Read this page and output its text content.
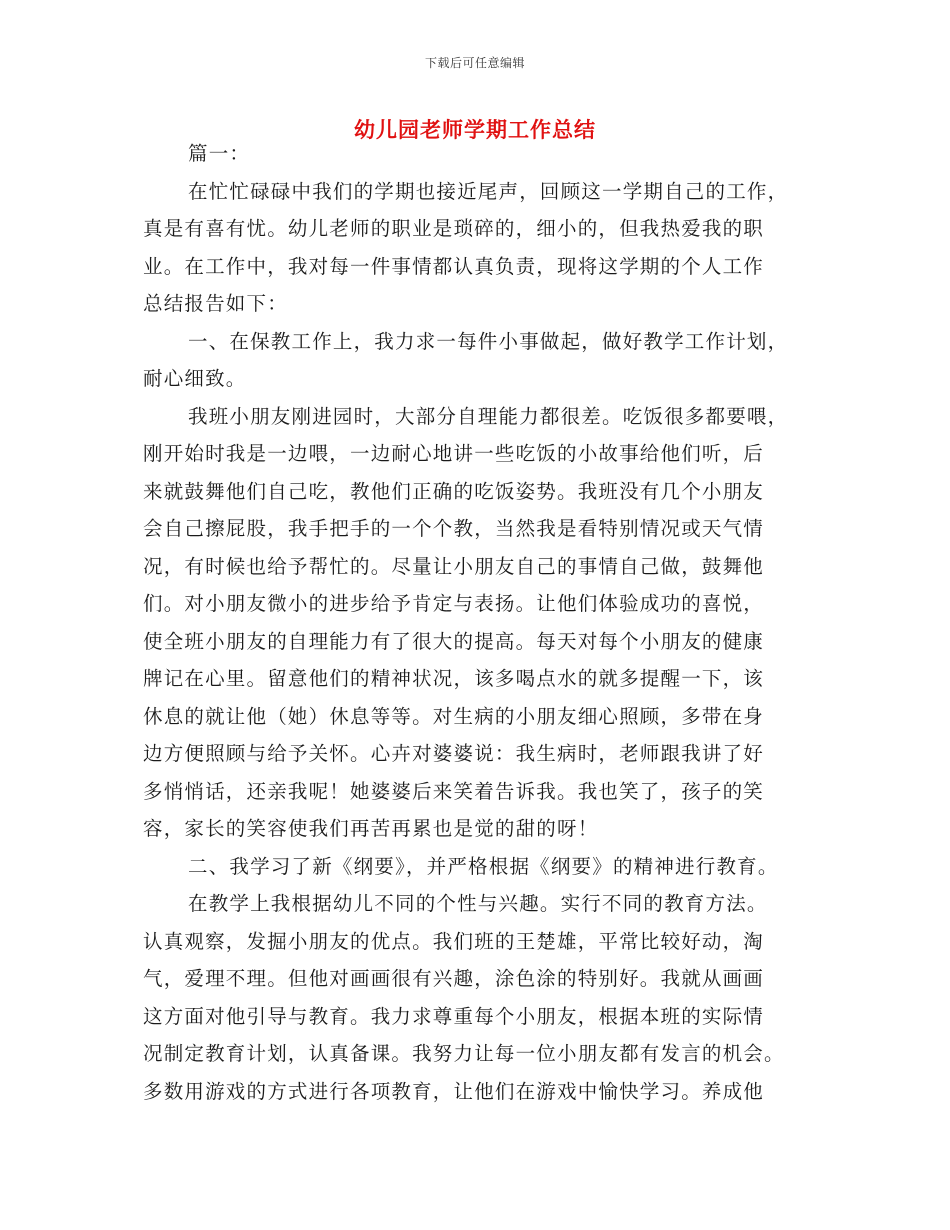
下载后可任意编辑
幼儿园老师学期工作总结
篇一：
在忙忙碌碌中我们的学期也接近尾声，回顾这一学期自己的工作，
真是有喜有忧。幼儿老师的职业是琐碎的，细小的，但我热爱我的职
业。在工作中，我对每一件事情都认真负责，现将这学期的个人工作
总结报告如下：
一、在保教工作上，我力求一每件小事做起，做好教学工作计划，
耐心细致。
我班小朋友刚进园时，大部分自理能力都很差。吃饭很多都要喂，
刚开始时我是一边喂，一边耐心地讲一些吃饭的小故事给他们听，后
来就鼓舞他们自己吃，教他们正确的吃饭姿势。我班没有几个小朋友
会自己擦屁股，我手把手的一个个教，当然我是看特别情况或天气情
况，有时候也给予帮忙的。尽量让小朋友自己的事情自己做，鼓舞他
们。对小朋友微小的进步给予肯定与表扬。让他们体验成功的喜悦，
使全班小朋友的自理能力有了很大的提高。每天对每个小朋友的健康
牌记在心里。留意他们的精神状况，该多喝点水的就多提醒一下，该
休息的就让他（她）休息等等。对生病的小朋友细心照顾，多带在身
边方便照顾与给予关怀。心卉对婆婆说：我生病时，老师跟我讲了好
多悄悄话，还亲我呢！她婆婆后来笑着告诉我。我也笑了，孩子的笑
容，家长的笑容使我们再苦再累也是觉的甜的呀！
二、我学习了新《纲要》，并严格根据《纲要》的精神进行教育。
在教学上我根据幼儿不同的个性与兴趣。实行不同的教育方法。
认真观察，发掘小朋友的优点。我们班的王楚雄，平常比较好动，淘
气，爱理不理。但他对画画很有兴趣，涂色涂的特别好。我就从画画
这方面对他引导与教育。我力求尊重每个小朋友，根据本班的实际情
况制定教育计划，认真备课。我努力让每一位小朋友都有发言的机会。
多数用游戏的方式进行各项教育，让他们在游戏中愉快学习。养成他
